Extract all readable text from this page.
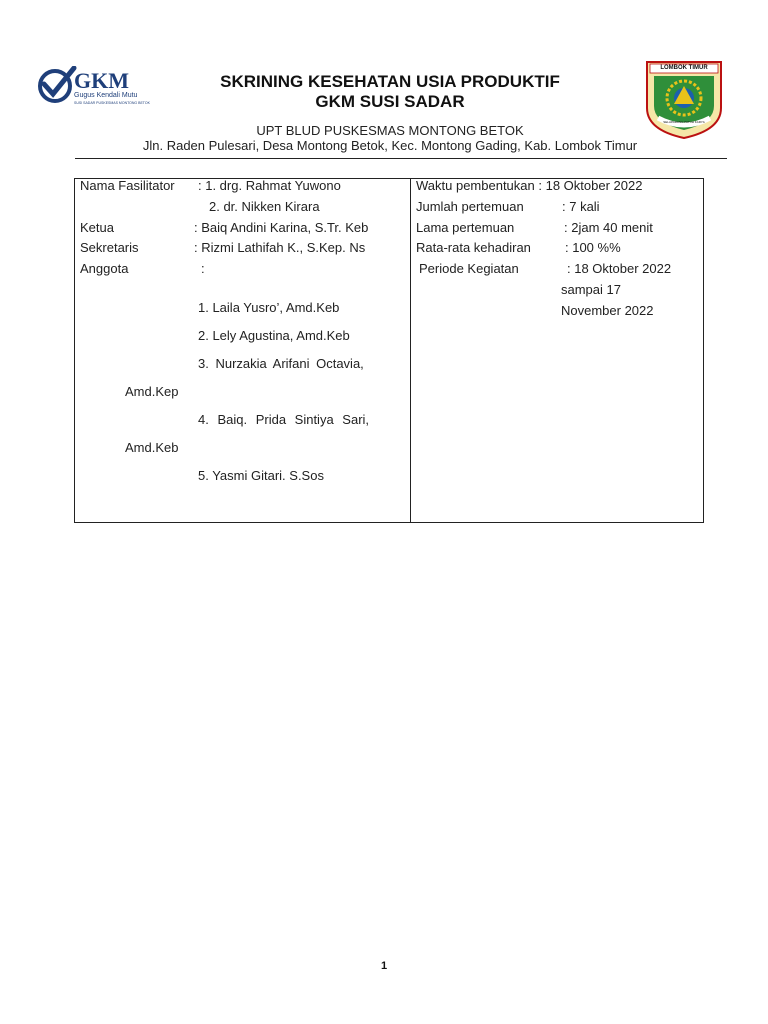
GKM
Gugus Kendali Mutu
SUSI SADAR PUSKESMAS MONTONG BETOK
SKRINING KESEHATAN USIA PRODUKTIF
GKM SUSI SADAR
UPT BLUD PUSKESMAS MONTONG BETOK
Jln. Raden Pulesari, Desa Montong Betok, Kec. Montong Gading, Kab. Lombok Timur
LOMBOK TIMUR
SELAPARANG PATUH KARYA
Nama Fasilitator : 1. drg. Rahmat Yuwono
2. dr. Nikken Kirara
Ketua	: Baiq Andini Karina, S.Tr. Keb
Sekretaris	: Rizmi Lathifah K., S.Kep. Ns
Anggota	:
1. Laila Yusro’, Amd.Keb
2. Lely Agustina, Amd.Keb
3. Nurzakia Arifani Octavia,
Amd.Kep
4. Baiq. Prida Sintiya Sari,
Amd.Keb
5. Yasmi Gitari. S.Sos
Waktu pembentukan : 18 Oktober 2022
Jumlah pertemuan	: 7 kali
Lama pertemuan	: 2jam 40 menit
Rata-rata kehadiran	: 100 %%
Periode Kegiatan	: 18 Oktober 2022
sampai 17
November 2022
1
